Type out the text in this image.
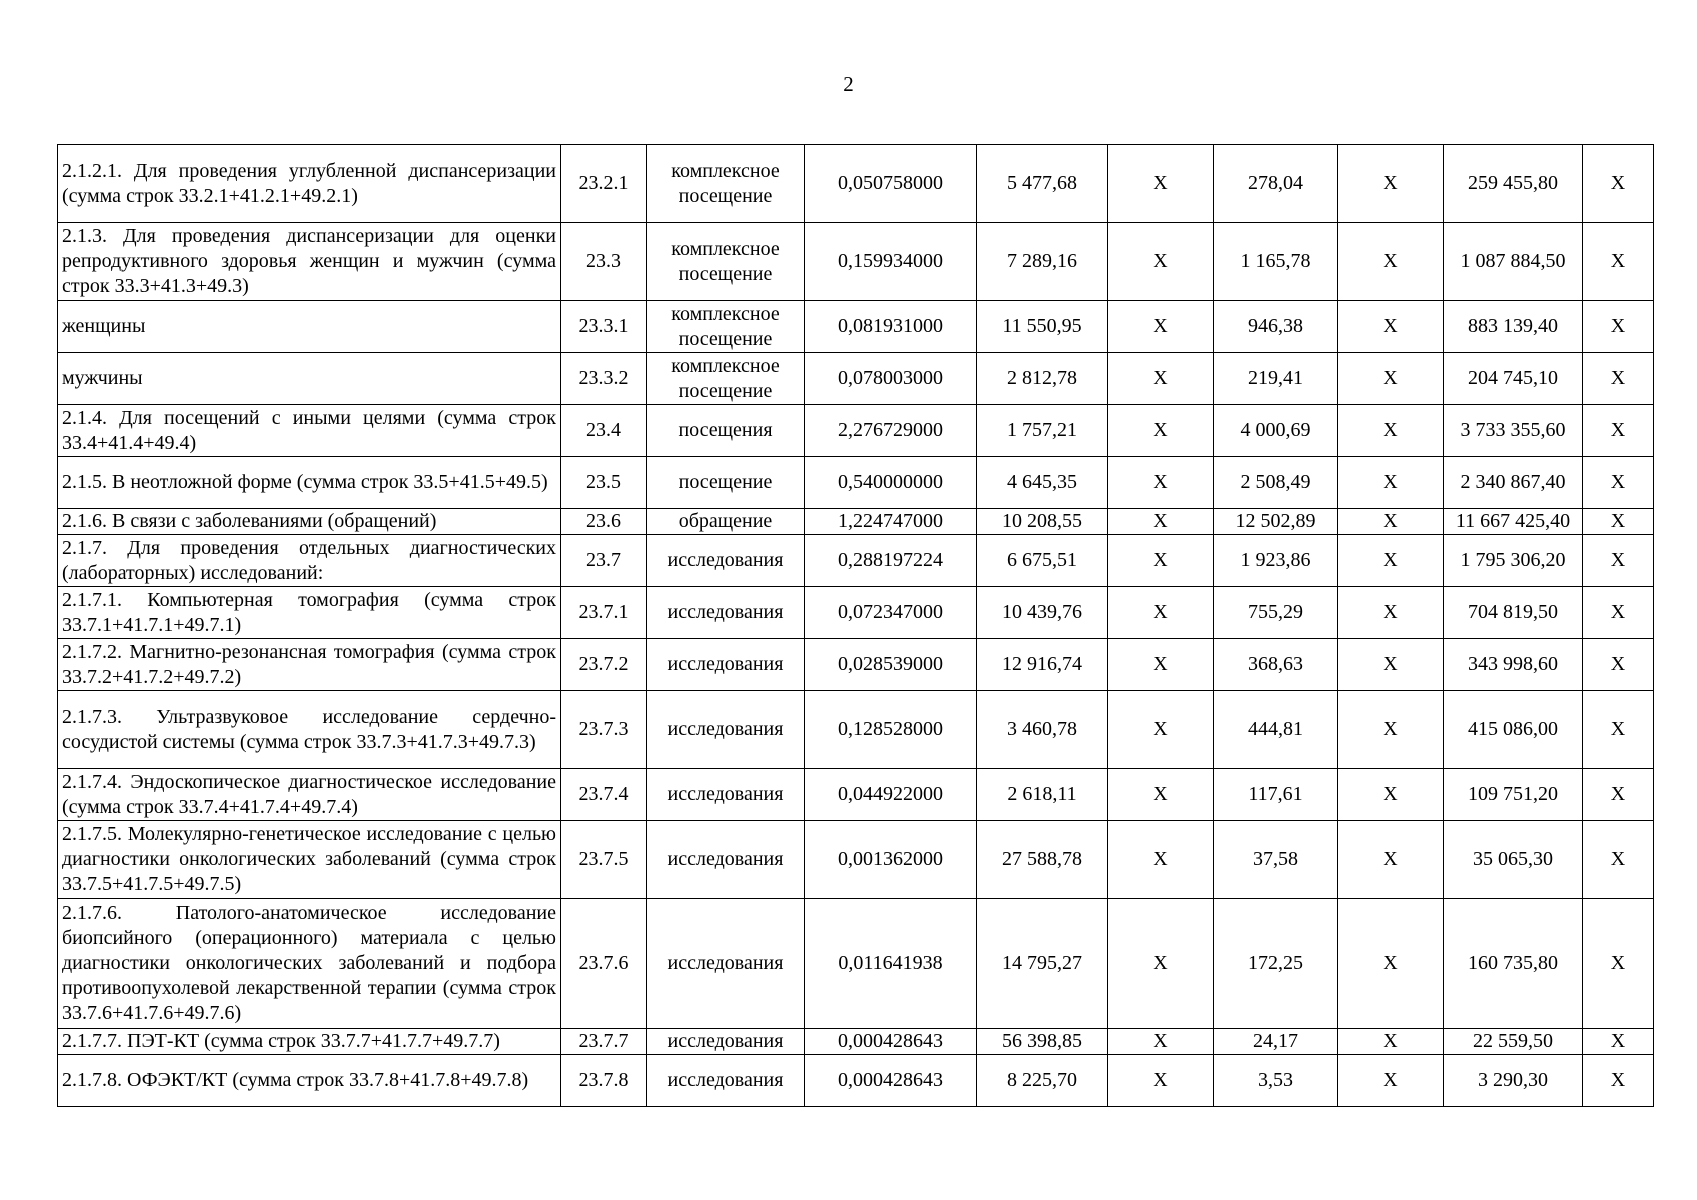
2
2.1.2.1. Для проведения углубленной диспансеризации (сумма строк 33.2.1+41.2.1+49.2.1)	23.2.1	комплексное посещение	0,050758000	5 477,68	Х	278,04	Х	259 455,80	Х
2.1.3. Для проведения диспансеризации для оценки репродуктивного здоровья женщин и мужчин (сумма строк 33.3+41.3+49.3)	23.3	комплексное посещение	0,159934000	7 289,16	Х	1 165,78	Х	1 087 884,50	Х
женщины	23.3.1	комплексное посещение	0,081931000	11 550,95	Х	946,38	Х	883 139,40	Х
мужчины	23.3.2	комплексное посещение	0,078003000	2 812,78	Х	219,41	Х	204 745,10	Х
2.1.4. Для посещений с иными целями (сумма строк 33.4+41.4+49.4)	23.4	посещения	2,276729000	1 757,21	Х	4 000,69	Х	3 733 355,60	Х
2.1.5. В неотложной форме (сумма строк 33.5+41.5+49.5)	23.5	посещение	0,540000000	4 645,35	Х	2 508,49	Х	2 340 867,40	Х
2.1.6. В связи с заболеваниями (обращений)	23.6	обращение	1,224747000	10 208,55	Х	12 502,89	Х	11 667 425,40	Х
2.1.7. Для проведения отдельных диагностических (лабораторных) исследований:	23.7	исследования	0,288197224	6 675,51	Х	1 923,86	Х	1 795 306,20	Х
2.1.7.1. Компьютерная томография (сумма строк 33.7.1+41.7.1+49.7.1)	23.7.1	исследования	0,072347000	10 439,76	Х	755,29	Х	704 819,50	Х
2.1.7.2. Магнитно-резонансная томография (сумма строк 33.7.2+41.7.2+49.7.2)	23.7.2	исследования	0,028539000	12 916,74	Х	368,63	Х	343 998,60	Х
2.1.7.3. Ультразвуковое исследование сердечно-сосудистой системы (сумма строк 33.7.3+41.7.3+49.7.3)	23.7.3	исследования	0,128528000	3 460,78	Х	444,81	Х	415 086,00	Х
2.1.7.4. Эндоскопическое диагностическое исследование (сумма строк 33.7.4+41.7.4+49.7.4)	23.7.4	исследования	0,044922000	2 618,11	Х	117,61	Х	109 751,20	Х
2.1.7.5. Молекулярно-генетическое исследование с целью диагностики онкологических заболеваний (сумма строк 33.7.5+41.7.5+49.7.5)	23.7.5	исследования	0,001362000	27 588,78	Х	37,58	Х	35 065,30	Х
2.1.7.6. Патолого-анатомическое исследование биопсийного (операционного) материала с целью диагностики онкологических заболеваний и подбора противоопухолевой лекарственной терапии (сумма строк 33.7.6+41.7.6+49.7.6)	23.7.6	исследования	0,011641938	14 795,27	Х	172,25	Х	160 735,80	Х
2.1.7.7. ПЭТ-КТ (сумма строк 33.7.7+41.7.7+49.7.7)	23.7.7	исследования	0,000428643	56 398,85	Х	24,17	Х	22 559,50	Х
2.1.7.8. ОФЭКТ/КТ (сумма строк 33.7.8+41.7.8+49.7.8)	23.7.8	исследования	0,000428643	8 225,70	Х	3,53	Х	3 290,30	Х
